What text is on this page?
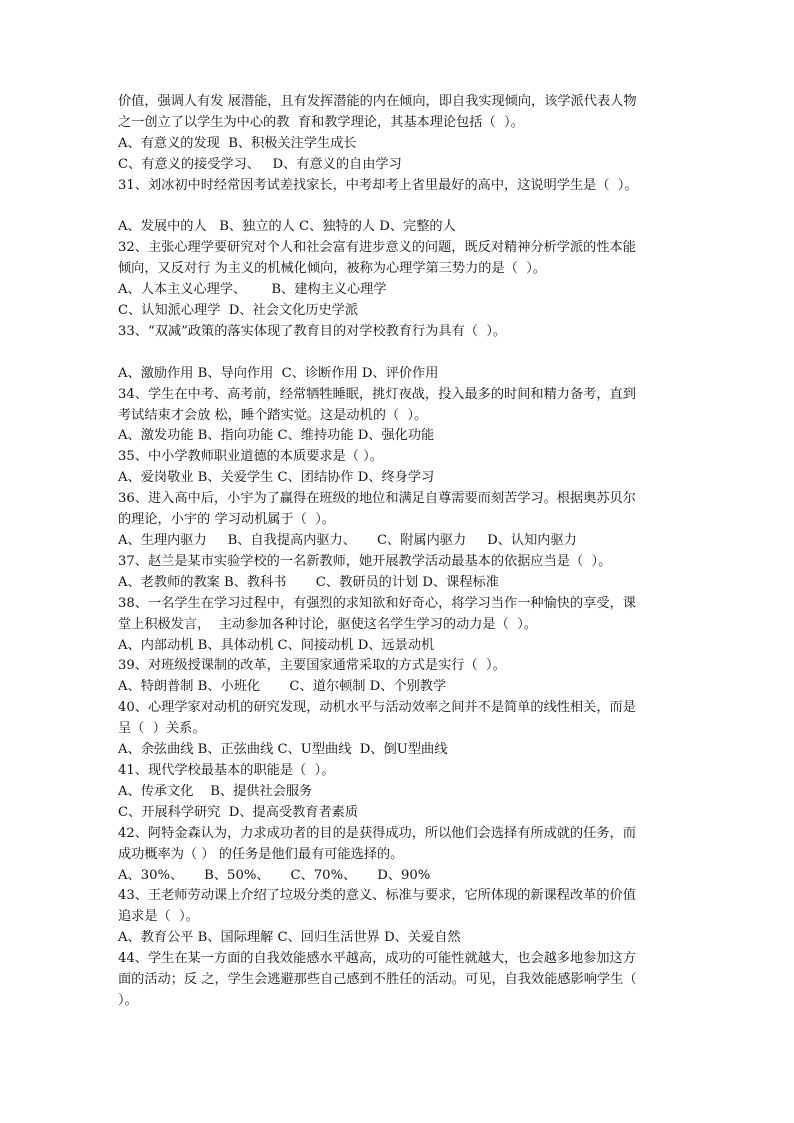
价值，强调人有发 展潜能，且有发挥潜能的内在倾向，即自我实现倾向，该学派代表人物

之一创立了以学生为中心的教  育和教学理论，其基本理论包括（  ）。

A、有意义的发现  B、积极关注学生成长

C、有意义的接受学习、   D、有意义的自由学习

31、刘冰初中时经常因考试差找家长，中考却考上省里最好的高中，这说明学生是（  ）。

A、发展中的人   B、独立的人 C、独特的人 D、完整的人

32、主张心理学要研究对个人和社会富有进步意义的问题，既反对精神分析学派的性本能

倾向，又反对行 为主义的机械化倾向，被称为心理学第三势力的是（  ）。

A、人本主义心理学、      B、建构主义心理学

C、认知派心理学  D、社会文化历史学派

33、“双减”政策的落实体现了教育目的对学校教育行为具有（  ）。

A、激励作用 B、导向作用  C、诊断作用 D、评价作用

34、学生在中考、高考前，经常牺牲睡眠，挑灯夜战，投入最多的时间和精力备考，直到

考试结束才会放 松，睡个踏实觉。这是动机的（  ）。

A、激发功能 B、指向功能 C、维持功能 D、强化功能

35、中小学教师职业道德的本质要求是（ ）。

A、爱岗敬业 B、关爱学生 C、团结协作 D、终身学习

36、进入高中后，小宇为了赢得在班级的地位和满足自尊需要而刻苦学习。根据奥苏贝尔

的理论，小宇的 学习动机属于（  ）。

A、生理内驱力     B、自我提高内驱力、     C、附属内驱力     D、认知内驱力

37、赵兰是某市实验学校的一名新教师，她开展教学活动最基本的依据应当是（  ）。

A、老教师的教案 B、教科书       C、教研员的计划 D、课程标准

38、一名学生在学习过程中，有强烈的求知欲和好奇心，将学习当作一种愉快的享受，课

堂上积极发言，  主动参加各种讨论，驱使这名学生学习的动力是（  ）。

A、内部动机 B、具体动机 C、间接动机 D、远景动机

39、对班级授课制的改革，主要国家通常采取的方式是实行（  ）。

A、特朗普制 B、小班化       C、道尔顿制 D、个别教学

40、心理学家对动机的研究发现，动机水平与活动效率之间并不是简单的线性相关，而是

呈（  ）关系。

A、余弦曲线 B、正弦曲线 C、U型曲线  D、倒U型曲线

41、现代学校最基本的职能是（  ）。

A、传承文化    B、提供社会服务

C、开展科学研究  D、提高受教育者素质

42、阿特金森认为，力求成功者的目的是获得成功，所以他们会选择有所成就的任务，而

成功概率为（ ） 的任务是他们最有可能选择的。

A、30%、     B、50%、     C、70%、     D、90%

43、王老师劳动课上介绍了垃圾分类的意义、标准与要求，它所体现的新课程改革的价值

追求是（  ）。

A、教育公平 B、国际理解 C、回归生活世界 D、关爱自然

44、学生在某一方面的自我效能感水平越高，成功的可能性就越大，也会越多地参加这方

面的活动；反 之，学生会逃避那些自己感到不胜任的活动。可见，自我效能感影响学生（

）。
